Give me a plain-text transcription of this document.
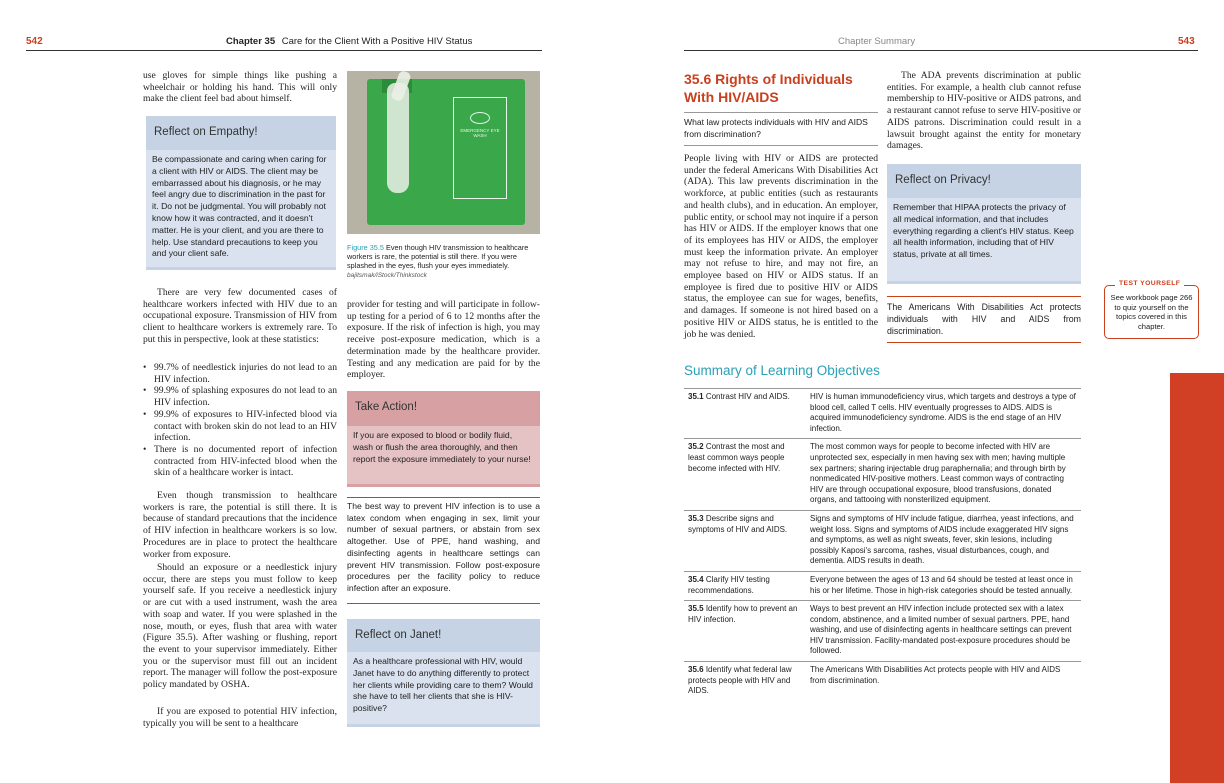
542	Chapter 35 Care for the Client With a Positive HIV Status

use gloves for simple things like pushing a wheelchair or holding his hand. This will only make the client feel bad about himself.

Reflect on Empathy!
Be compassionate and caring when caring for a client with HIV or AIDS. The client may be embarrassed about his diagnosis, or he may feel angry due to discrimination in the past for it. Do not be judgmental. You will probably not know how it was contracted, and it doesn't matter. He is your client, and you are there to help. Use standard precautions to keep you and your client safe.
EMERGENCY EYE WASH
Figure 35.5 Even though HIV transmission to healthcare workers is rare, the potential is still there. If you were splashed in the eyes, flush your eyes immediately. bajitsmak/iStock/Thinkstock

There are very few documented cases of healthcare workers infected with HIV due to an occupational exposure. Transmission of HIV from client to healthcare workers is extremely rare. To put this in perspective, look at these statistics:

• 99.7% of needlestick injuries do not lead to an HIV infection.
• 99.9% of splashing exposures do not lead to an HIV infection.
• 99.9% of exposures to HIV-infected blood via contact with broken skin do not lead to an HIV infection.
• There is no documented report of infection contracted from HIV-infected blood when the skin of a healthcare worker is intact.

Even though transmission to healthcare workers is rare, the potential is still there. It is because of standard precautions that the incidence of HIV infection in healthcare workers is so low. Procedures are in place to protect the healthcare worker from exposure.

Should an exposure or a needlestick injury occur, there are steps you must follow to keep yourself safe. If you receive a needlestick injury or are cut with a used instrument, wash the area with soap and water. If you were splashed in the nose, mouth, or eyes, flush that area with water (Figure 35.5). After washing or flushing, report the event to your supervisor immediately. Either you or the supervisor must fill out an incident report. The manager will follow the post-exposure policy mandated by OSHA.

If you are exposed to potential HIV infection, typically you will be sent to a healthcare

provider for testing and will participate in follow-up testing for a period of 6 to 12 months after the exposure. If the risk of infection is high, you may receive post-exposure medication, which is a determination made by the healthcare provider. Testing and any medication are paid for by the employer.

Take Action!
If you are exposed to blood or bodily fluid, wash or flush the area thoroughly, and then report the exposure immediately to your nurse!

The best way to prevent HIV infection is to use a latex condom when engaging in sex, limit your number of sexual partners, or abstain from sex altogether. Use of PPE, hand washing, and disinfecting agents in healthcare settings can prevent HIV transmission. Follow post-exposure procedures per the facility policy to reduce infection after an exposure.

Reflect on Janet!
As a healthcare professional with HIV, would Janet have to do anything differently to protect her clients while providing care to them? Would she have to tell her clients that she is HIV-positive?
Chapter Summary	543
35.6 Rights of Individuals With HIV/AIDS

What law protects individuals with HIV and AIDS from discrimination?

People living with HIV or AIDS are protected under the federal Americans With Disabilities Act (ADA). This law prevents discrimination in the workforce, at public entities (such as restaurants and health clubs), and in education. An employer, public entity, or school may not inquire if a person has HIV or AIDS. If the employer knows that one of its employees has HIV or AIDS, the employer must keep the information private. An employer may not refuse to hire, and may not fire, an employee based on HIV or AIDS status. If an employee is fired due to positive HIV or AIDS status, the employee can sue for wages, benefits, and damages. If someone is not hired based on a positive HIV or AIDS status, he is entitled to the job he was denied.

The ADA prevents discrimination at public entities. For example, a health club cannot refuse membership to HIV-positive or AIDS patrons, and a restaurant cannot refuse to serve HIV-positive or AIDS patrons. Discrimination could result in a lawsuit brought against the entity for monetary damages.

Reflect on Privacy!
Remember that HIPAA protects the privacy of all medical information, and that includes everything regarding a client's HIV status. Keep all health information, including that of HIV status, private at all times.

The Americans With Disabilities Act protects individuals with HIV and AIDS from discrimination.

TEST YOURSELF
See workbook page 266 to quiz yourself on the topics covered in this chapter.
Summary of Learning Objectives
35.1 Contrast HIV and AIDS.	HIV is human immunodeficiency virus, which targets and destroys a type of blood cell, called T cells. HIV eventually progresses to AIDS. AIDS is acquired immunodeficiency syndrome. AIDS is the end stage of an HIV infection.
35.2 Contrast the most and least common ways people become infected with HIV.	The most common ways for people to become infected with HIV are unprotected sex, especially in men having sex with men; having multiple sex partners; sharing injectable drug paraphernalia; and through birth by nonmedicated HIV-positive mothers. Least common ways of contracting HIV are through occupational exposure, blood transfusions, donated organs, and tattooing with nonsterilized equipment.
35.3 Describe signs and symptoms of HIV and AIDS.	Signs and symptoms of HIV include fatigue, diarrhea, yeast infections, and weight loss. Signs and symptoms of AIDS include exaggerated HIV signs and symptoms, as well as night sweats, fever, skin lesions, including possibly Kaposi's sarcoma, rashes, visual disturbances, cough, and dementia. AIDS results in death.
35.4 Clarify HIV testing recommendations.	Everyone between the ages of 13 and 64 should be tested at least once in his or her lifetime. Those in high-risk categories should be tested annually.
35.5 Identify how to prevent an HIV infection.	Ways to best prevent an HIV infection include protected sex with a latex condom, abstinence, and a limited number of sexual partners. PPE, hand washing, and use of disinfecting agents in healthcare settings can prevent HIV transmission. Facility-mandated post-exposure procedures should be followed.
35.6 Identify what federal law protects people with HIV and AIDS.	The Americans With Disabilities Act protects people with HIV and AIDS from discrimination.
